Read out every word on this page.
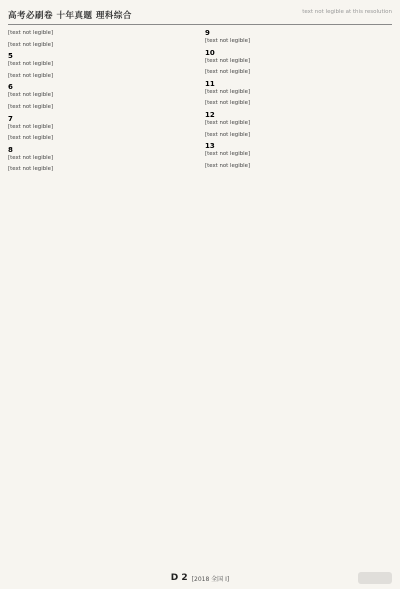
高考必刷卷 十年真题 理科综合	text not legible at this resolution
[text not legible]
[text not legible]
5
[text not legible]
[text not legible]
6
[text not legible]
[text not legible]
7
[text not legible]
[text not legible]
8
[text not legible]
[text not legible]
9
[text not legible]
10
[text not legible]
[text not legible]
11
[text not legible]
[text not legible]
12
[text not legible]
[text not legible]
13
[text not legible]
[text not legible]
D 2 [2018 全国 I]
